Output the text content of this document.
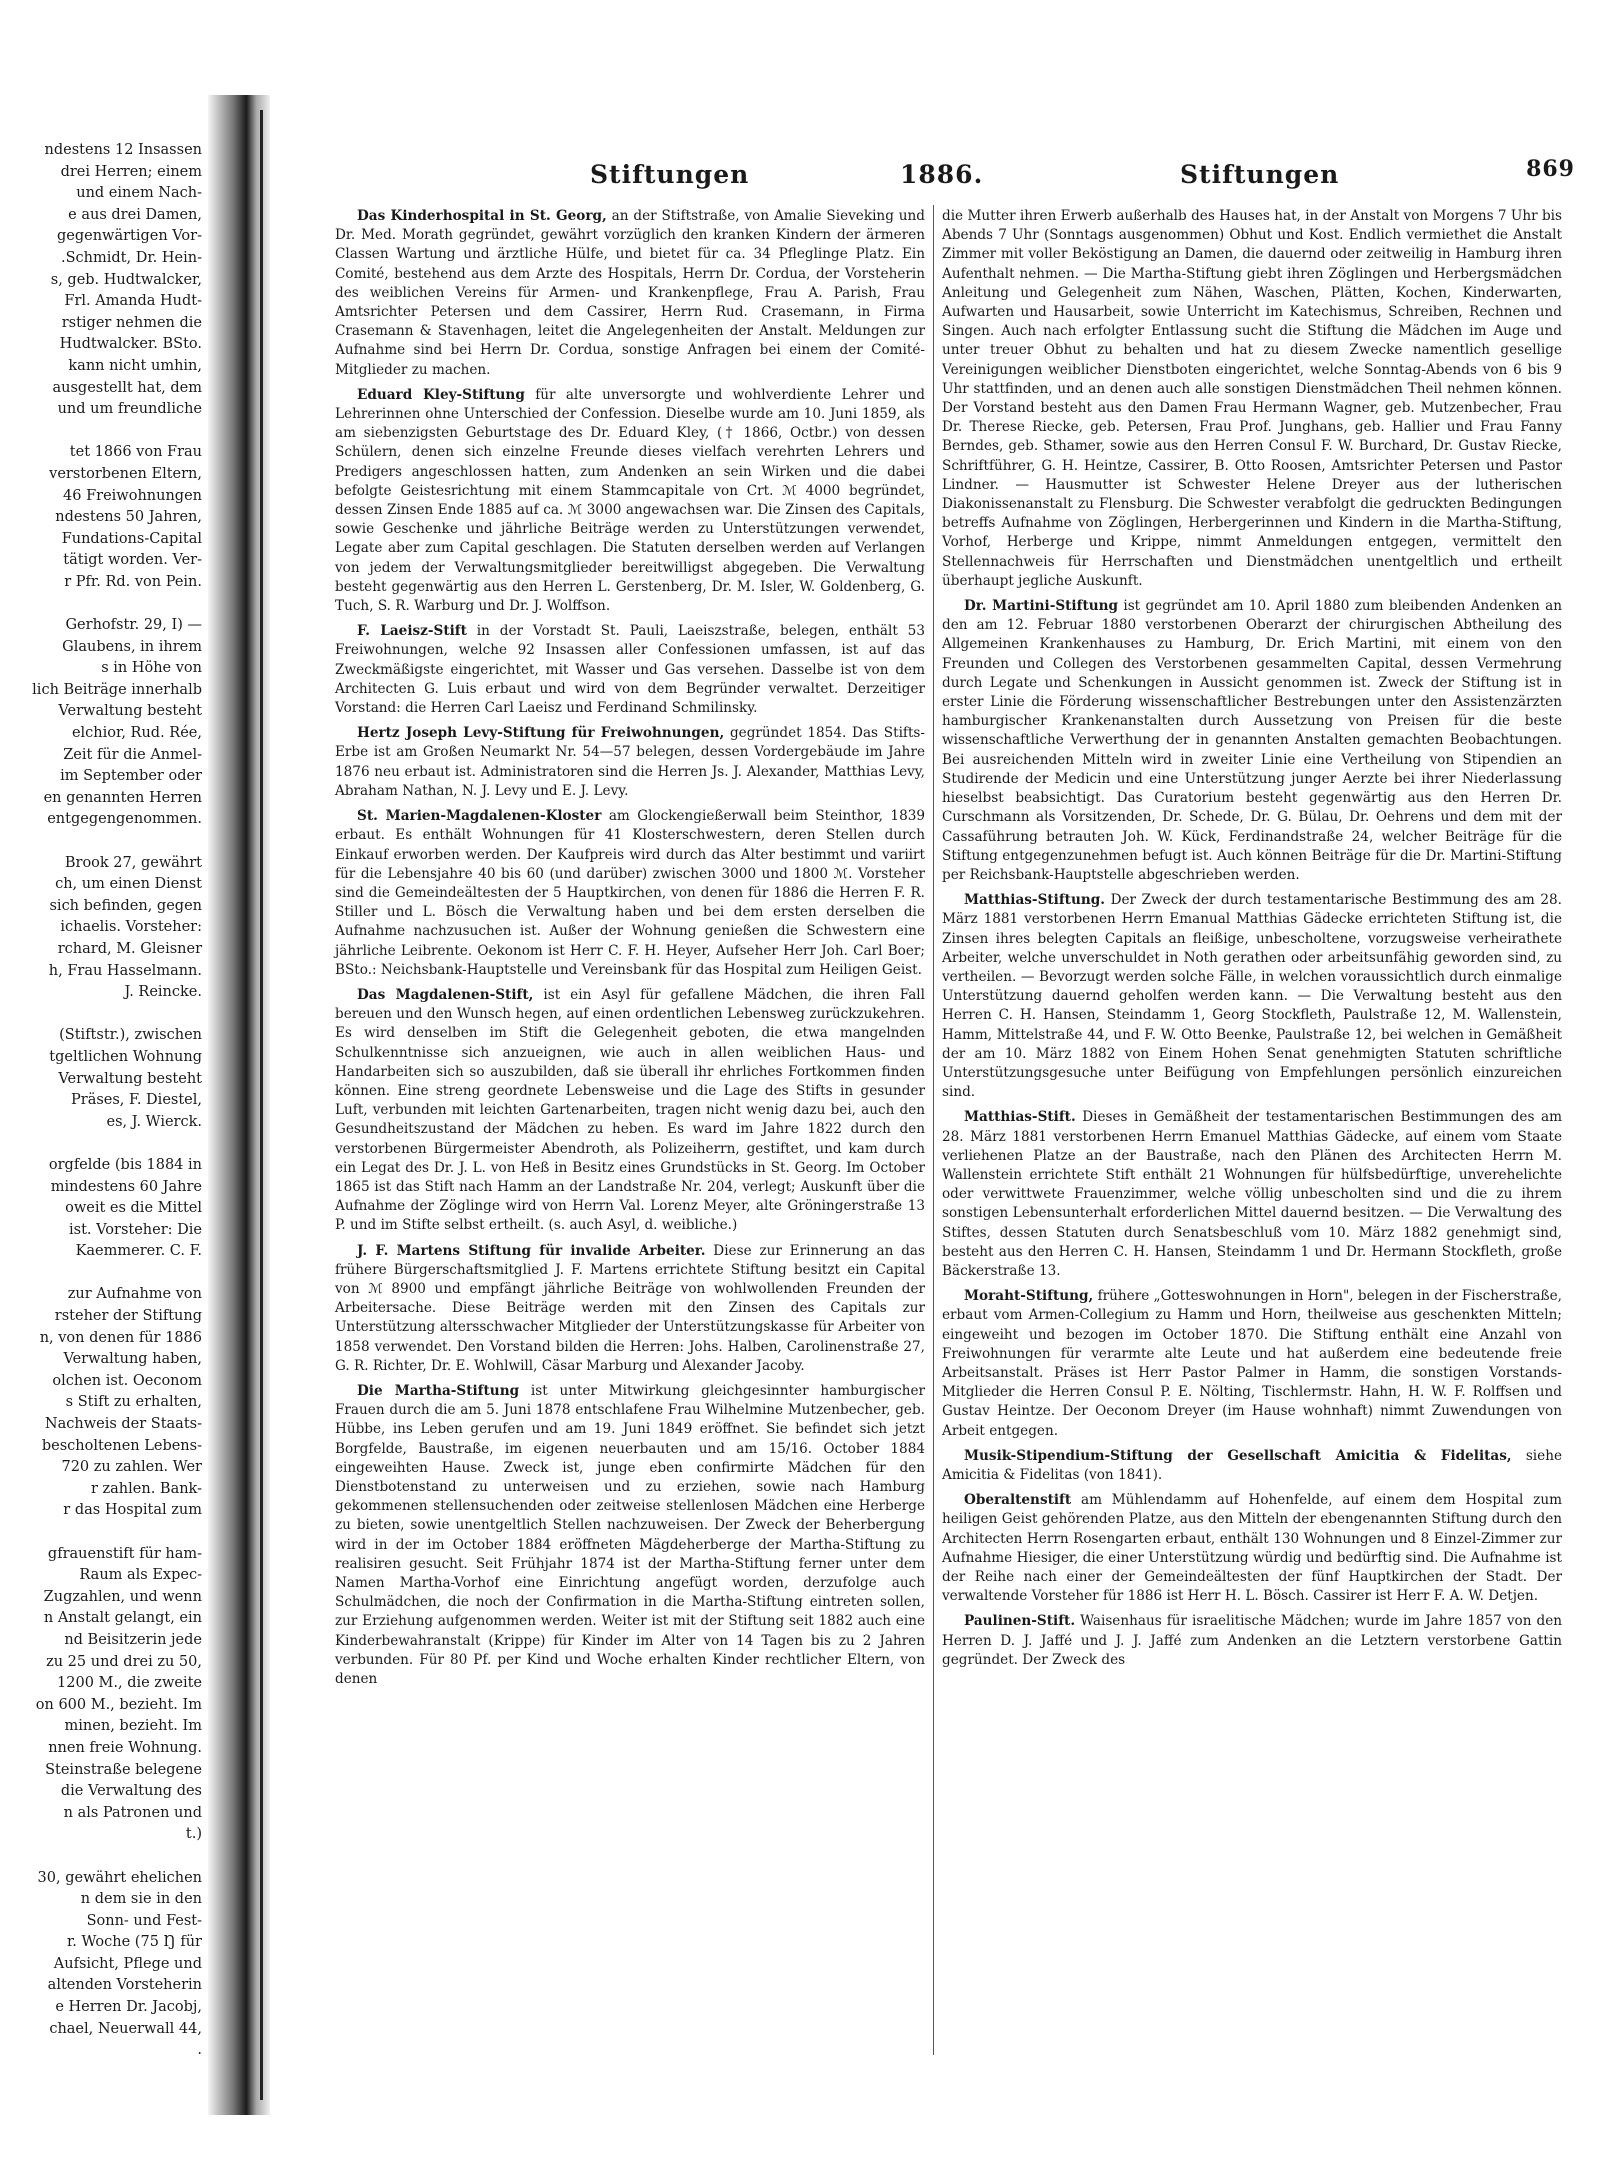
ndestens 12 Insassen
drei Herren; einem
und einem Nach-
e aus drei Damen,
gegenwärtigen Vor-
.Schmidt, Dr. Hein-
s, geb. Hudtwalcker,
Frl. Amanda Hudt-
rstiger nehmen die
Hudtwalcker. BSto.
kann nicht umhin,
ausgestellt hat, dem
und um freundliche
tet 1866 von Frau
verstorbenen Eltern,
46 Freiwohnungen
ndestens 50 Jahren,
Fundations-Capital
tätigt worden. Ver-
r Pfr. Rd. von Pein.
Gerhofstr. 29, I) —
Glaubens, in ihrem
s in Höhe von
lich Beiträge innerhalb
Verwaltung besteht
elchior, Rud. Rée,
Zeit für die Anmel-
im September oder
en genannten Herren
entgegengenommen.
Brook 27, gewährt
ch, um einen Dienst
sich befinden, gegen
ichaelis. Vorsteher:
rchard, M. Gleisner
h, Frau Hasselmann.
J. Reincke.
(Stiftstr.), zwischen
tgeltlichen Wohnung
Verwaltung besteht
Präses, F. Diestel,
es, J. Wierck.
orgfelde (bis 1884 in
mindestens 60 Jahre
oweit es die Mittel
ist. Vorsteher: Die
Kaemmerer. C. F.
zur Aufnahme von
rsteher der Stiftung
n, von denen für 1886
Verwaltung haben,
olchen ist. Oeconom
s Stift zu erhalten,
Nachweis der Staats-
bescholtenen Lebens-
720 zu zahlen. Wer
r zahlen. Bank-
r das Hospital zum
gfrauenstift für ham-
Raum als Expec-
Zugzahlen, und wenn
n Anstalt gelangt, ein
nd Beisitzerin jede
zu 25 und drei zu 50,
1200 M., die zweite
on 600 M., bezieht. Im
minen, bezieht. Im
nnen freie Wohnung.
Steinstraße belegene
die Verwaltung des
n als Patronen und
t.)
30, gewährt ehelichen
n dem sie in den
Sonn- und Fest-
r. Woche (75 Ŋ für
Aufsicht, Pflege und
altenden Vorsteherin
e Herren Dr. Jacobj,
chael, Neuerwall 44,
.
Stiftungen	1886.	Stiftungen	869

Das Kinderhospital in St. Georg, an der Stiftstraße, von Amalie Sieveking und Dr. Med. Morath gegründet, gewährt vorzüglich den kranken Kindern der ärmeren Classen Wartung und ärztliche Hülfe, und bietet für ca. 34 Pfleglinge Platz. Ein Comité, bestehend aus dem Arzte des Hospitals, Herrn Dr. Cordua, der Vorsteherin des weiblichen Vereins für Armen- und Krankenpflege, Frau A. Parish, Frau Amtsrichter Petersen und dem Cassirer, Herrn Rud. Crasemann, in Firma Crasemann & Stavenhagen, leitet die Angelegenheiten der Anstalt. Meldungen zur Aufnahme sind bei Herrn Dr. Cordua, sonstige Anfragen bei einem der Comité-Mitglieder zu machen.

Eduard Kley-Stiftung für alte unversorgte und wohlverdiente Lehrer und Lehrerinnen ohne Unterschied der Confession. Dieselbe wurde am 10. Juni 1859, als am siebenzigsten Geburtstage des Dr. Eduard Kley, († 1866, Octbr.) von dessen Schülern, denen sich einzelne Freunde dieses vielfach verehrten Lehrers und Predigers angeschlossen hatten, zum Andenken an sein Wirken und die dabei befolgte Geistesrichtung mit einem Stammcapitale von Crt. ℳ 4000 begründet, dessen Zinsen Ende 1885 auf ca. ℳ 3000 angewachsen war. Die Zinsen des Capitals, sowie Geschenke und jährliche Beiträge werden zu Unterstützungen verwendet, Legate aber zum Capital geschlagen. Die Statuten derselben werden auf Verlangen von jedem der Verwaltungsmitglieder bereitwilligst abgegeben. Die Verwaltung besteht gegenwärtig aus den Herren L. Gerstenberg, Dr. M. Isler, W. Goldenberg, G. Tuch, S. R. Warburg und Dr. J. Wolffson.

F. Laeisz-Stift in der Vorstadt St. Pauli, Laeiszstraße, belegen, enthält 53 Freiwohnungen, welche 92 Insassen aller Confessionen umfassen, ist auf das Zweckmäßigste eingerichtet, mit Wasser und Gas versehen. Dasselbe ist von dem Architecten G. Luis erbaut und wird von dem Begründer verwaltet. Derzeitiger Vorstand: die Herren Carl Laeisz und Ferdinand Schmilinsky.

Hertz Joseph Levy-Stiftung für Freiwohnungen, gegründet 1854. Das Stifts-Erbe ist am Großen Neumarkt Nr. 54—57 belegen, dessen Vordergebäude im Jahre 1876 neu erbaut ist. Administratoren sind die Herren Js. J. Alexander, Matthias Levy, Abraham Nathan, N. J. Levy und E. J. Levy.

St. Marien-Magdalenen-Kloster am Glockengießerwall beim Steinthor, 1839 erbaut. Es enthält Wohnungen für 41 Klosterschwestern, deren Stellen durch Einkauf erworben werden. Der Kaufpreis wird durch das Alter bestimmt und variirt für die Lebensjahre 40 bis 60 (und darüber) zwischen 3000 und 1800 ℳ. Vorsteher sind die Gemeindeältesten der 5 Hauptkirchen, von denen für 1886 die Herren F. R. Stiller und L. Bösch die Verwaltung haben und bei dem ersten derselben die Aufnahme nachzusuchen ist. Außer der Wohnung genießen die Schwestern eine jährliche Leibrente. Oekonom ist Herr C. F. H. Heyer, Aufseher Herr Joh. Carl Boer; BSto.: Neichsbank-Hauptstelle und Vereinsbank für das Hospital zum Heiligen Geist.

Das Magdalenen-Stift, ist ein Asyl für gefallene Mädchen, die ihren Fall bereuen und den Wunsch hegen, auf einen ordentlichen Lebensweg zurückzukehren. Es wird denselben im Stift die Gelegenheit geboten, die etwa mangelnden Schulkenntnisse sich anzueignen, wie auch in allen weiblichen Haus- und Handarbeiten sich so auszubilden, daß sie überall ihr ehrliches Fortkommen finden können. Eine streng geordnete Lebensweise und die Lage des Stifts in gesunder Luft, verbunden mit leichten Gartenarbeiten, tragen nicht wenig dazu bei, auch den Gesundheitszustand der Mädchen zu heben. Es ward im Jahre 1822 durch den verstorbenen Bürgermeister Abendroth, als Polizeiherrn, gestiftet, und kam durch ein Legat des Dr. J. L. von Heß in Besitz eines Grundstücks in St. Georg. Im October 1865 ist das Stift nach Hamm an der Landstraße Nr. 204, verlegt; Auskunft über die Aufnahme der Zöglinge wird von Herrn Val. Lorenz Meyer, alte Gröningerstraße 13 P. und im Stifte selbst ertheilt. (s. auch Asyl, d. weibliche.)

J. F. Martens Stiftung für invalide Arbeiter. Diese zur Erinnerung an das frühere Bürgerschaftsmitglied J. F. Martens errichtete Stiftung besitzt ein Capital von ℳ 8900 und empfängt jährliche Beiträge von wohlwollenden Freunden der Arbeitersache. Diese Beiträge werden mit den Zinsen des Capitals zur Unterstützung altersschwacher Mitglieder der Unterstützungskasse für Arbeiter von 1858 verwendet. Den Vorstand bilden die Herren: Johs. Halben, Carolinenstraße 27, G. R. Richter, Dr. E. Wohlwill, Cäsar Marburg und Alexander Jacoby.

Die Martha-Stiftung ist unter Mitwirkung gleichgesinnter hamburgischer Frauen durch die am 5. Juni 1878 entschlafene Frau Wilhelmine Mutzenbecher, geb. Hübbe, ins Leben gerufen und am 19. Juni 1849 eröffnet. Sie befindet sich jetzt Borgfelde, Baustraße, im eigenen neuerbauten und am 15/16. October 1884 eingeweihten Hause. Zweck ist, junge eben confirmirte Mädchen für den Dienstbotenstand zu unterweisen und zu erziehen, sowie nach Hamburg gekommenen stellensuchenden oder zeitweise stellenlosen Mädchen eine Herberge zu bieten, sowie unentgeltlich Stellen nachzuweisen. Der Zweck der Beherbergung wird in der im October 1884 eröffneten Mägdeherberge der Martha-Stiftung zu realisiren gesucht. Seit Frühjahr 1874 ist der Martha-Stiftung ferner unter dem Namen Martha-Vorhof eine Einrichtung angefügt worden, derzufolge auch Schulmädchen, die noch der Confirmation in die Martha-Stiftung eintreten sollen, zur Erziehung aufgenommen werden. Weiter ist mit der Stiftung seit 1882 auch eine Kinderbewahranstalt (Krippe) für Kinder im Alter von 14 Tagen bis zu 2 Jahren verbunden. Für 80 Pf. per Kind und Woche erhalten Kinder rechtlicher Eltern, von denen

die Mutter ihren Erwerb außerhalb des Hauses hat, in der Anstalt von Morgens 7 Uhr bis Abends 7 Uhr (Sonntags ausgenommen) Obhut und Kost. Endlich vermiethet die Anstalt Zimmer mit voller Beköstigung an Damen, die dauernd oder zeitweilig in Hamburg ihren Aufenthalt nehmen. — Die Martha-Stiftung giebt ihren Zöglingen und Herbergsmädchen Anleitung und Gelegenheit zum Nähen, Waschen, Plätten, Kochen, Kinderwarten, Aufwarten und Hausarbeit, sowie Unterricht im Katechismus, Schreiben, Rechnen und Singen. Auch nach erfolgter Entlassung sucht die Stiftung die Mädchen im Auge und unter treuer Obhut zu behalten und hat zu diesem Zwecke namentlich gesellige Vereinigungen weiblicher Dienstboten eingerichtet, welche Sonntag-Abends von 6 bis 9 Uhr stattfinden, und an denen auch alle sonstigen Dienstmädchen Theil nehmen können. Der Vorstand besteht aus den Damen Frau Hermann Wagner, geb. Mutzenbecher, Frau Dr. Therese Riecke, geb. Petersen, Frau Prof. Junghans, geb. Hallier und Frau Fanny Berndes, geb. Sthamer, sowie aus den Herren Consul F. W. Burchard, Dr. Gustav Riecke, Schriftführer, G. H. Heintze, Cassirer, B. Otto Roosen, Amtsrichter Petersen und Pastor Lindner. — Hausmutter ist Schwester Helene Dreyer aus der lutherischen Diakonissenanstalt zu Flensburg. Die Schwester verabfolgt die gedruckten Bedingungen betreffs Aufnahme von Zöglingen, Herbergerinnen und Kindern in die Martha-Stiftung, Vorhof, Herberge und Krippe, nimmt Anmeldungen entgegen, vermittelt den Stellennachweis für Herrschaften und Dienstmädchen unentgeltlich und ertheilt überhaupt jegliche Auskunft.

Dr. Martini-Stiftung ist gegründet am 10. April 1880 zum bleibenden Andenken an den am 12. Februar 1880 verstorbenen Oberarzt der chirurgischen Abtheilung des Allgemeinen Krankenhauses zu Hamburg, Dr. Erich Martini, mit einem von den Freunden und Collegen des Verstorbenen gesammelten Capital, dessen Vermehrung durch Legate und Schenkungen in Aussicht genommen ist. Zweck der Stiftung ist in erster Linie die Förderung wissenschaftlicher Bestrebungen unter den Assistenzärzten hamburgischer Krankenanstalten durch Aussetzung von Preisen für die beste wissenschaftliche Verwerthung der in genannten Anstalten gemachten Beobachtungen. Bei ausreichenden Mitteln wird in zweiter Linie eine Vertheilung von Stipendien an Studirende der Medicin und eine Unterstützung junger Aerzte bei ihrer Niederlassung hieselbst beabsichtigt. Das Curatorium besteht gegenwärtig aus den Herren Dr. Curschmann als Vorsitzenden, Dr. Schede, Dr. G. Bülau, Dr. Oehrens und dem mit der Cassaführung betrauten Joh. W. Kück, Ferdinandstraße 24, welcher Beiträge für die Stiftung entgegenzunehmen befugt ist. Auch können Beiträge für die Dr. Martini-Stiftung per Reichsbank-Hauptstelle abgeschrieben werden.

Matthias-Stiftung. Der Zweck der durch testamentarische Bestimmung des am 28. März 1881 verstorbenen Herrn Emanual Matthias Gädecke errichteten Stiftung ist, die Zinsen ihres belegten Capitals an fleißige, unbescholtene, vorzugsweise verheirathete Arbeiter, welche unverschuldet in Noth gerathen oder arbeitsunfähig geworden sind, zu vertheilen. — Bevorzugt werden solche Fälle, in welchen voraussichtlich durch einmalige Unterstützung dauernd geholfen werden kann. — Die Verwaltung besteht aus den Herren C. H. Hansen, Steindamm 1, Georg Stockfleth, Paulstraße 12, M. Wallenstein, Hamm, Mittelstraße 44, und F. W. Otto Beenke, Paulstraße 12, bei welchen in Gemäßheit der am 10. März 1882 von Einem Hohen Senat genehmigten Statuten schriftliche Unterstützungsgesuche unter Beifügung von Empfehlungen persönlich einzureichen sind.

Matthias-Stift. Dieses in Gemäßheit der testamentarischen Bestimmungen des am 28. März 1881 verstorbenen Herrn Emanuel Matthias Gädecke, auf einem vom Staate verliehenen Platze an der Baustraße, nach den Plänen des Architecten Herrn M. Wallenstein errichtete Stift enthält 21 Wohnungen für hülfsbedürftige, unverehelichte oder verwittwete Frauenzimmer, welche völlig unbescholten sind und die zu ihrem sonstigen Lebensunterhalt erforderlichen Mittel dauernd besitzen. — Die Verwaltung des Stiftes, dessen Statuten durch Senatsbeschluß vom 10. März 1882 genehmigt sind, besteht aus den Herren C. H. Hansen, Steindamm 1 und Dr. Hermann Stockfleth, große Bäckerstraße 13.

Moraht-Stiftung, frühere „Gotteswohnungen in Horn", belegen in der Fischerstraße, erbaut vom Armen-Collegium zu Hamm und Horn, theilweise aus geschenkten Mitteln; eingeweiht und bezogen im October 1870. Die Stiftung enthält eine Anzahl von Freiwohnungen für verarmte alte Leute und hat außerdem eine bedeutende freie Arbeitsanstalt. Präses ist Herr Pastor Palmer in Hamm, die sonstigen Vorstands-Mitglieder die Herren Consul P. E. Nölting, Tischlermstr. Hahn, H. W. F. Rolffsen und Gustav Heintze. Der Oeconom Dreyer (im Hause wohnhaft) nimmt Zuwendungen von Arbeit entgegen.

Musik-Stipendium-Stiftung der Gesellschaft Amicitia & Fidelitas, siehe Amicitia & Fidelitas (von 1841).

Oberaltenstift am Mühlendamm auf Hohenfelde, auf einem dem Hospital zum heiligen Geist gehörenden Platze, aus den Mitteln der ebengenannten Stiftung durch den Architecten Herrn Rosengarten erbaut, enthält 130 Wohnungen und 8 Einzel-Zimmer zur Aufnahme Hiesiger, die einer Unterstützung würdig und bedürftig sind. Die Aufnahme ist der Reihe nach einer der Gemeindeältesten der fünf Hauptkirchen der Stadt. Der verwaltende Vorsteher für 1886 ist Herr H. L. Bösch. Cassirer ist Herr F. A. W. Detjen.

Paulinen-Stift. Waisenhaus für israelitische Mädchen; wurde im Jahre 1857 von den Herren D. J. Jaffé und J. J. Jaffé zum Andenken an die Letztern verstorbene Gattin gegründet. Der Zweck des
